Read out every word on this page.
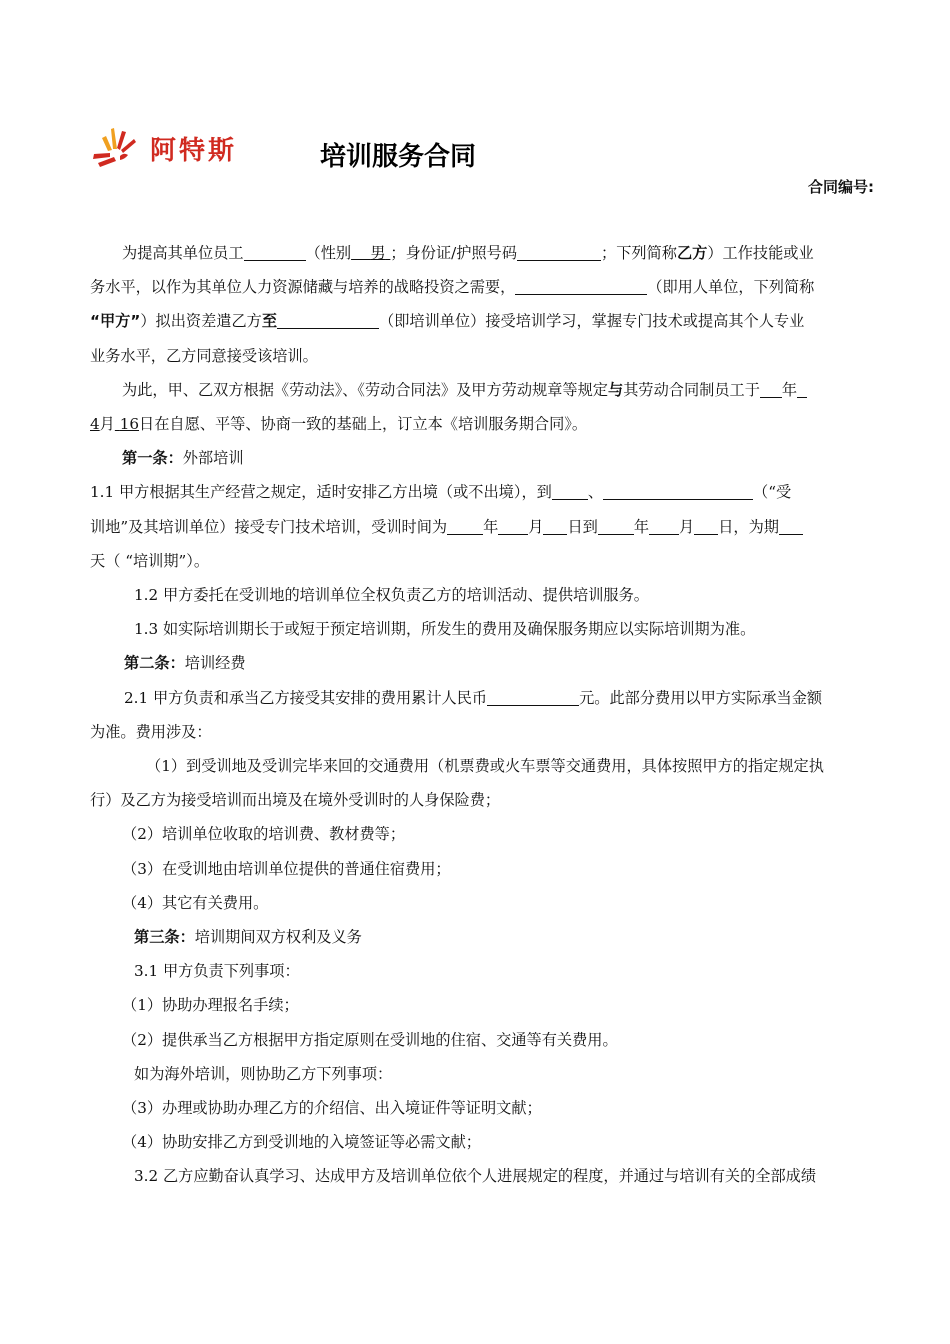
阿特斯	培训服务合同
合同编号:

为提高其单位员工	（性别 男 ；身份证/护照号码	；下列简称乙方）工作技能或业

务水平，以作为其单位人力资源储藏与培养的战略投资之需要，	（即用人单位，下列简称

“甲方”）拟出资差遣乙方至	（即培训单位）接受培训学习，掌握专门技术或提高其个人专业

业务水平，乙方同意接受该培训。

为此，甲、乙双方根据《劳动法》、《劳动合同法》及甲方劳动规章等规定与其劳动合同制员工于 年

4月 16日在自愿、平等、协商一致的基础上，订立本《培训服务期合同》。

第一条：外部培训

1.1 甲方根据其生产经营之规定，适时安排乙方出境（或不出境），到 、	（“受

训地”及其培训单位）接受专门技术培训，受训时间为 年 月 日到 年 月 日，为期

天（ “培训期”）。

1.2 甲方委托在受训地的培训单位全权负责乙方的培训活动、提供培训服务。

1.3 如实际培训期长于或短于预定培训期，所发生的费用及确保服务期应以实际培训期为准。

第二条：培训经费

2.1 甲方负责和承当乙方接受其安排的费用累计人民币	元。此部分费用以甲方实际承当金额

为准。费用涉及：

（1）到受训地及受训完毕来回的交通费用（机票费或火车票等交通费用，具体按照甲方的指定规定执

行）及乙方为接受培训而出境及在境外受训时的人身保险费；

（2）培训单位收取的培训费、教材费等；

（3）在受训地由培训单位提供的普通住宿费用；

（4）其它有关费用。

第三条：培训期间双方权利及义务

3.1 甲方负责下列事项：

（1）协助办理报名手续；

（2）提供承当乙方根据甲方指定原则在受训地的住宿、交通等有关费用。

如为海外培训，则协助乙方下列事项：

（3）办理或协助办理乙方的介绍信、出入境证件等证明文献；

（4）协助安排乙方到受训地的入境签证等必需文献；

3.2 乙方应勤奋认真学习、达成甲方及培训单位依个人进展规定的程度，并通过与培训有关的全部成绩
